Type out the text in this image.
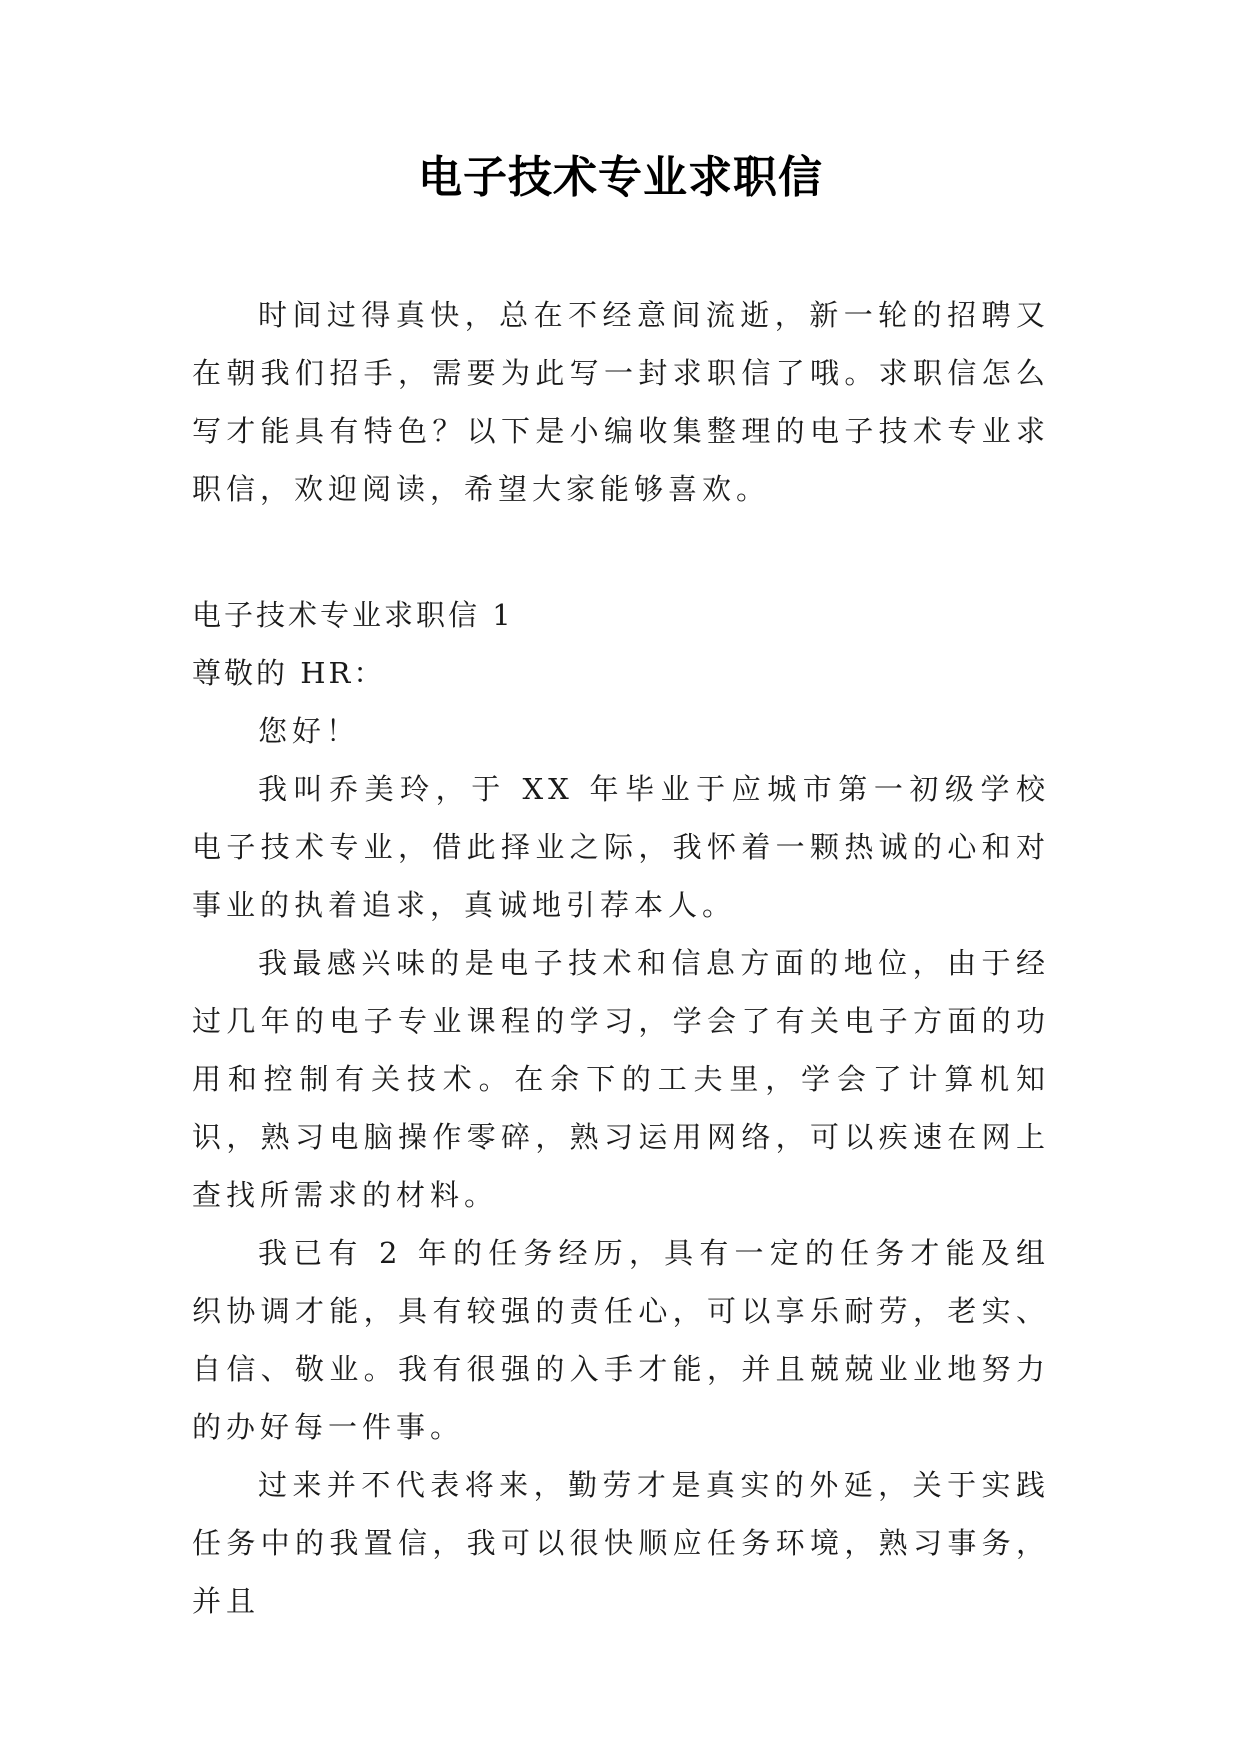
电子技术专业求职信

时间过得真快，总在不经意间流逝，新一轮的招聘又在朝我们招手，需要为此写一封求职信了哦。求职信怎么写才能具有特色？以下是小编收集整理的电子技术专业求职信，欢迎阅读，希望大家能够喜欢。

电子技术专业求职信 1

尊敬的 HR：

您好！

我叫乔美玲，于 XX 年毕业于应城市第一初级学校电子技术专业，借此择业之际，我怀着一颗热诚的心和对事业的执着追求，真诚地引荐本人。

我最感兴味的是电子技术和信息方面的地位，由于经过几年的电子专业课程的学习，学会了有关电子方面的功用和控制有关技术。在余下的工夫里，学会了计算机知识，熟习电脑操作零碎，熟习运用网络，可以疾速在网上查找所需求的材料。

我已有 2 年的任务经历，具有一定的任务才能及组织协调才能，具有较强的责任心，可以享乐耐劳，老实、自信、敬业。我有很强的入手才能，并且兢兢业业地努力的办好每一件事。

过来并不代表将来，勤劳才是真实的外延，关于实践任务中的我置信，我可以很快顺应任务环境，熟习事务，并且
